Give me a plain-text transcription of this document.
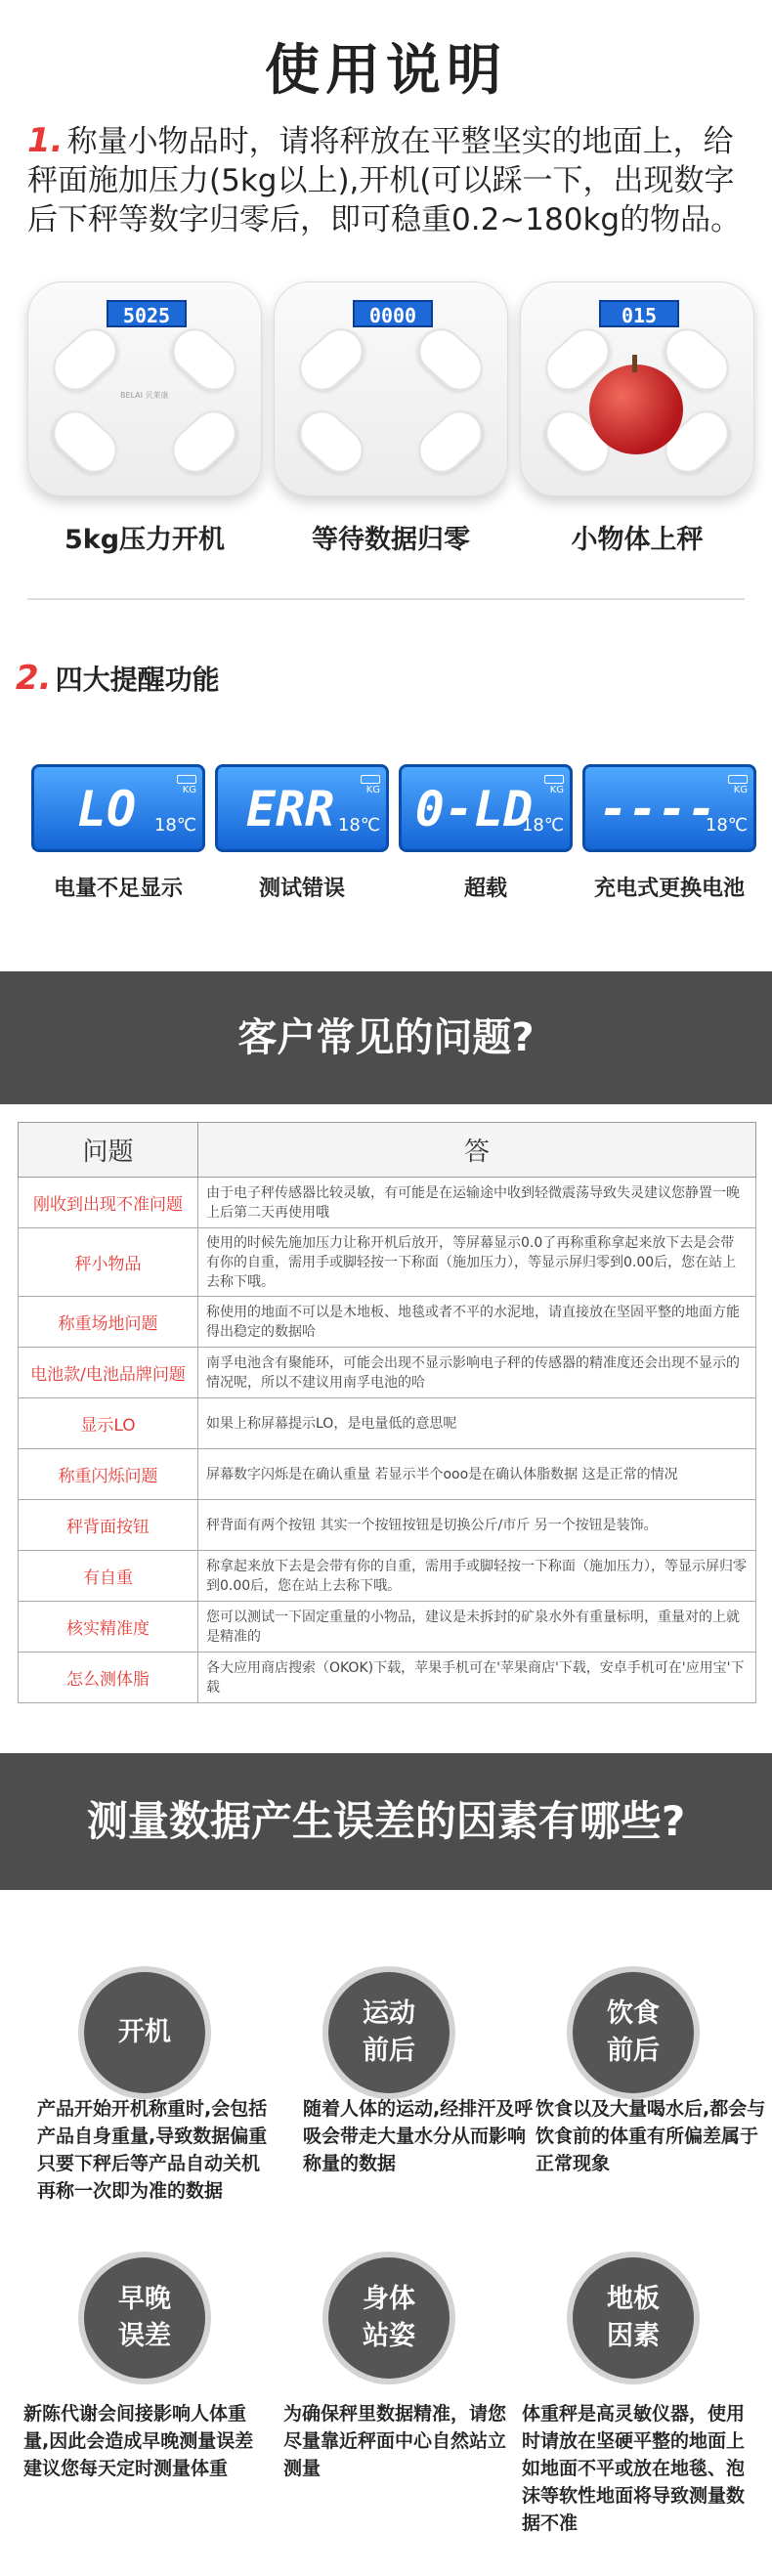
使用说明
1. 称量小物品时，请将秤放在平整坚实的地面上，给秤面施加压力(5kg以上),开机(可以踩一下，出现数字后下秤等数字归零后，即可稳重0.2~180kg的物品。
5025
BELAI 贝莱康
0000	015
5kg压力开机	等待数据归零	小物体上秤
2. 四大提醒功能
LO	KG
18℃	ERR	KG
18℃ 0-LD	KG
18℃ ----	KG
18℃
电量不足显示	测试错误	超载	充电式更换电池
客户常见的问题?
问题	答
刚收到出现不准问题	由于电子秤传感器比较灵敏，有可能是在运输途中收到轻微震荡导致失灵建议您静置一晚上后第二天再使用哦
秤小物品	使用的时候先施加压力让称开机后放开，等屏幕显示0.0了再称重称拿起来放下去是会带有你的自重，需用手或脚轻按一下称面（施加压力），等显示屏归零到0.00后，您在站上去称下哦。
称重场地问题	称使用的地面不可以是木地板、地毯或者不平的水泥地，请直接放在坚固平整的地面方能得出稳定的数据哈
电池款/电池品牌问题	南孚电池含有聚能环，可能会出现不显示影响电子秤的传感器的精准度还会出现不显示的情况呢，所以不建议用南孚电池的哈
显示LO	如果上称屏幕提示LO，是电量低的意思呢
称重闪烁问题	屏幕数字闪烁是在确认重量 若显示半个ooo是在确认体脂数据 这是正常的情况
秤背面按钮	秤背面有两个按钮 其实一个按钮按钮是切换公斤/市斤 另一个按钮是装饰。
有自重	称拿起来放下去是会带有你的自重，需用手或脚轻按一下称面（施加压力），等显示屏归零到0.00后，您在站上去称下哦。
核实精准度	您可以测试一下固定重量的小物品，建议是未拆封的矿泉水外有重量标明，重量对的上就是精准的
怎么测体脂	各大应用商店搜索（OKOK)下载，苹果手机可在'苹果商店'下载，安卓手机可在'应用宝'下载
测量数据产生误差的因素有哪些?
开机
运动前后
饮食前后
产品开始开机称重时,会包括产品自身重量,导致数据偏重只要下秤后等产品自动关机再称一次即为准的数据
随着人体的运动,经排汗及呼吸会带走大量水分从而影响称量的数据
饮食以及大量喝水后,都会与饮食前的体重有所偏差属于正常现象
早晚误差
身体站姿
地板因素
新陈代谢会间接影响人体重量,因此会造成早晚测量误差建议您每天定时测量体重
为确保秤里数据精准，请您尽量靠近秤面中心自然站立测量
体重秤是高灵敏仪器，使用时请放在坚硬平整的地面上如地面不平或放在地毯、泡沫等软性地面将导致测量数据不准
